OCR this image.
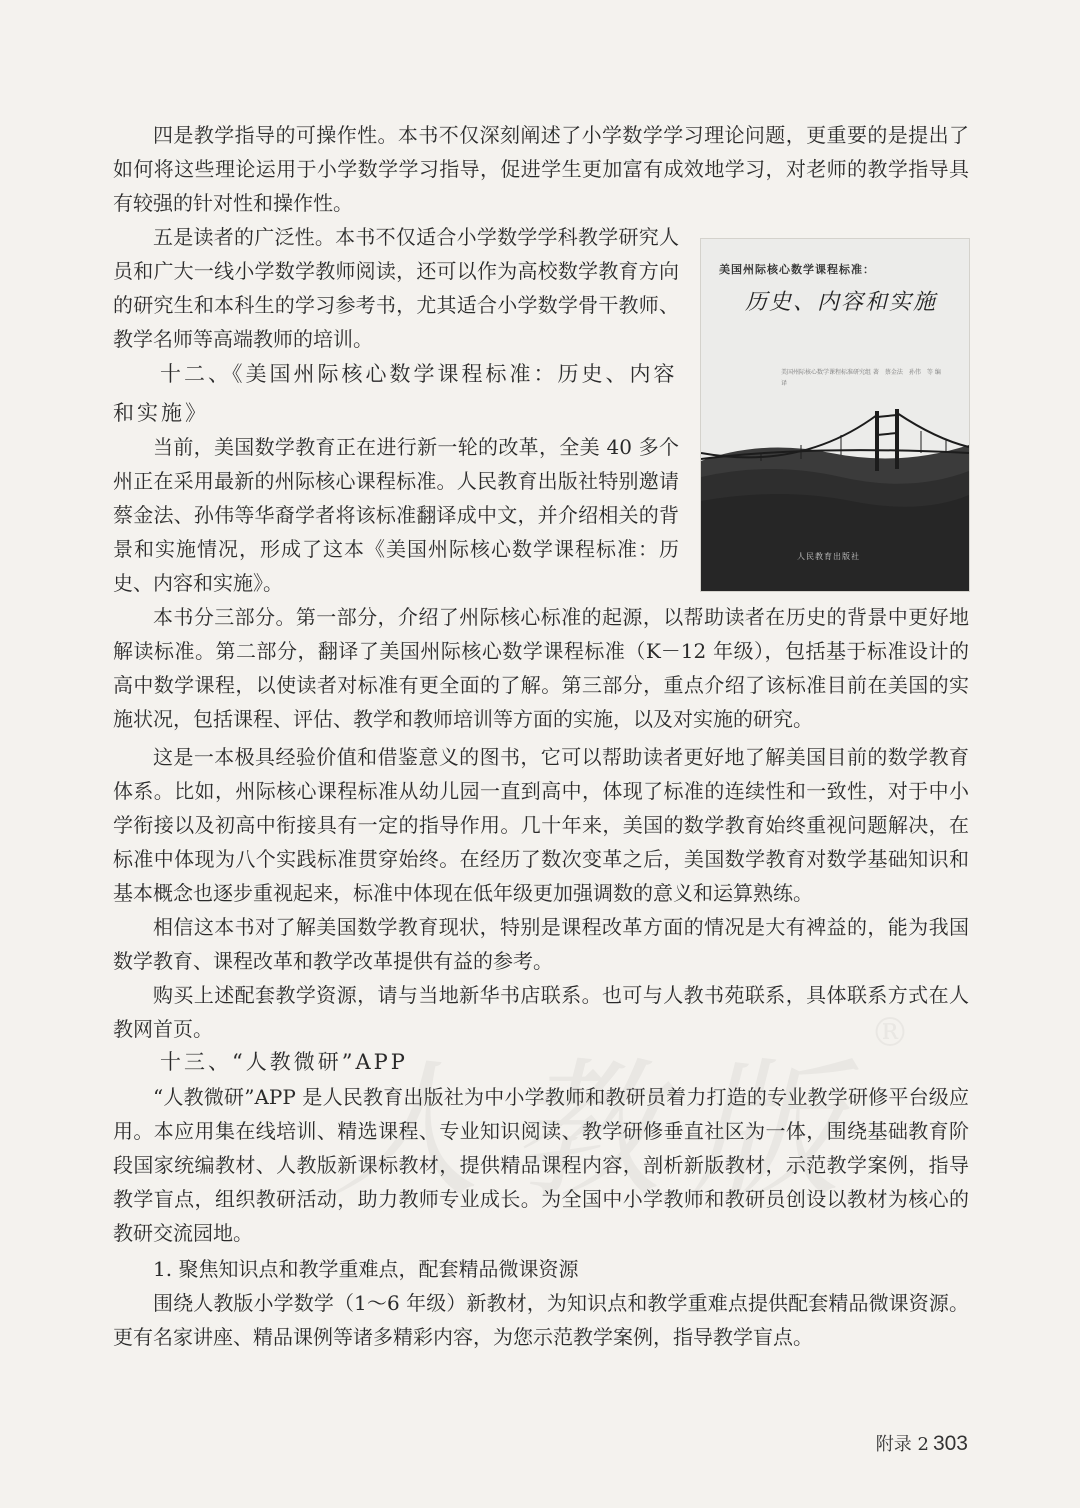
四是教学指导的可操作性。本书不仅深刻阐述了小学数学学习理论问题，更重要的是提出了如何将这些理论运用于小学数学学习指导，促进学生更加富有成效地学习，对老师的教学指导具有较强的针对性和操作性。

五是读者的广泛性。本书不仅适合小学数学学科教学研究人员和广大一线小学数学教师阅读，还可以作为高校数学教育方向的研究生和本科生的学习参考书，尤其适合小学数学骨干教师、教学名师等高端教师的培训。

十二、《美国州际核心数学课程标准：历史、内容

和实施》

当前，美国数学教育正在进行新一轮的改革，全美 40 多个州正在采用最新的州际核心课程标准。人民教育出版社特别邀请蔡金法、孙伟等华裔学者将该标准翻译成中文，并介绍相关的背景和实施情况，形成了这本《美国州际核心数学课程标准：历史、内容和实施》。

美国州际核心数学课程标准：
历史、内容和实施
美国州际核心数学课程标准研究组 著　蔡金法　孙伟　等 编译
人民教育出版社

本书分三部分。第一部分，介绍了州际核心标准的起源，以帮助读者在历史的背景中更好地解读标准。第二部分，翻译了美国州际核心数学课程标准（K－12 年级），包括基于标准设计的高中数学课程，以使读者对标准有更全面的了解。第三部分，重点介绍了该标准目前在美国的实施状况，包括课程、评估、教学和教师培训等方面的实施，以及对实施的研究。

这是一本极具经验价值和借鉴意义的图书，它可以帮助读者更好地了解美国目前的数学教育体系。比如，州际核心课程标准从幼儿园一直到高中，体现了标准的连续性和一致性，对于中小学衔接以及初高中衔接具有一定的指导作用。几十年来，美国的数学教育始终重视问题解决，在标准中体现为八个实践标准贯穿始终。在经历了数次变革之后，美国数学教育对数学基础知识和基本概念也逐步重视起来，标准中体现在低年级更加强调数的意义和运算熟练。

相信这本书对了解美国数学教育现状，特别是课程改革方面的情况是大有裨益的，能为我国数学教育、课程改革和教学改革提供有益的参考。

购买上述配套教学资源，请与当地新华书店联系。也可与人教书苑联系，具体联系方式在人教网首页。

十三、“人教微研”APP

“人教微研”APP 是人民教育出版社为中小学教师和教研员着力打造的专业教学研修平台级应用。本应用集在线培训、精选课程、专业知识阅读、教学研修垂直社区为一体，围绕基础教育阶段国家统编教材、人教版新课标教材，提供精品课程内容，剖析新版教材，示范教学案例，指导教学盲点，组织教研活动，助力教师专业成长。为全国中小学教师和教研员创设以教材为核心的教研交流园地。

1. 聚焦知识点和教学重难点，配套精品微课资源

围绕人教版小学数学（1～6 年级）新教材，为知识点和教学重难点提供配套精品微课资源。更有名家讲座、精品课例等诸多精彩内容，为您示范教学案例，指导教学盲点。

附录 2 303
